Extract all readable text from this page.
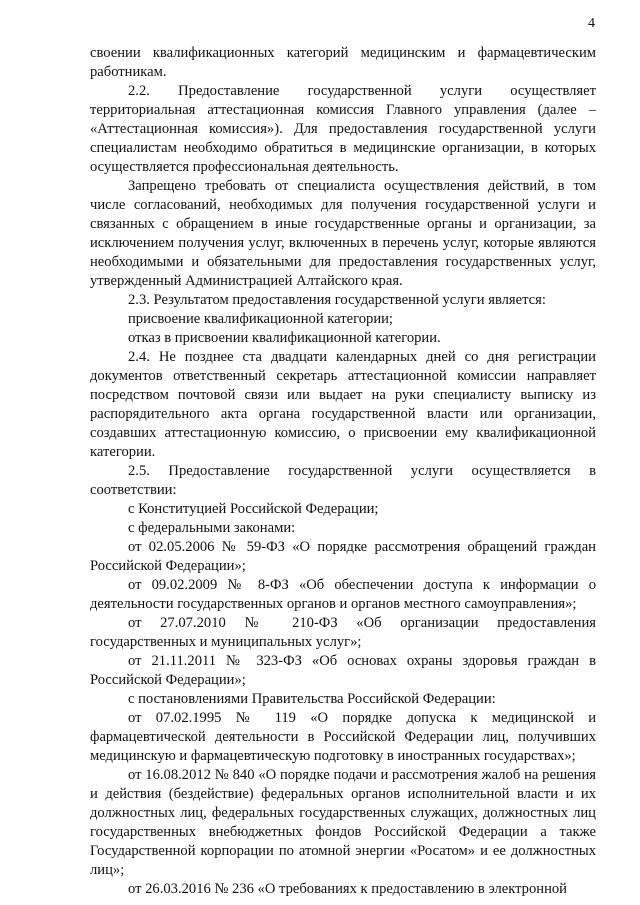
4

своении квалификационных категорий медицинским и фармацевтическим работникам.

2.2. Предоставление государственной услуги осуществляет территориальная аттестационная комиссия Главного управления (далее – «Аттестационная комиссия»). Для предоставления государственной услуги специалистам необходимо обратиться в медицинские организации, в которых осуществляется профессиональная деятельность.

Запрещено требовать от специалиста осуществления действий, в том числе согласований, необходимых для получения государственной услуги и связанных с обращением в иные государственные органы и организации, за исключением получения услуг, включенных в перечень услуг, которые являются необходимыми и обязательными для предоставления государственных услуг, утвержденный Администрацией Алтайского края.

2.3. Результатом предоставления государственной услуги является:

присвоение квалификационной категории;

отказ в присвоении квалификационной категории.

2.4. Не позднее ста двадцати календарных дней со дня регистрации документов ответственный секретарь аттестационной комиссии направляет посредством почтовой связи или выдает на руки специалисту выписку из распорядительного акта органа государственной власти или организации, создавших аттестационную комиссию, о присвоении ему квалификационной категории.

2.5. Предоставление государственной услуги осуществляется в соответствии:

с Конституцией Российской Федерации;

с федеральными законами:

от 02.05.2006 № 59-ФЗ «О порядке рассмотрения обращений граждан Российской Федерации»;

от 09.02.2009 № 8-ФЗ «Об обеспечении доступа к информации о деятельности государственных органов и органов местного самоуправления»;

от 27.07.2010 № 210-ФЗ «Об организации предоставления государственных и муниципальных услуг»;

от 21.11.2011 № 323-ФЗ «Об основах охраны здоровья граждан в Российской Федерации»;

с постановлениями Правительства Российской Федерации:

от 07.02.1995 № 119 «О порядке допуска к медицинской и фармацевтической деятельности в Российской Федерации лиц, получивших медицинскую и фармацевтическую подготовку в иностранных государствах»;

от 16.08.2012 № 840 «О порядке подачи и рассмотрения жалоб на решения и действия (бездействие) федеральных органов исполнительной власти и их должностных лиц, федеральных государственных служащих, должностных лиц государственных внебюджетных фондов Российской Федерации а также Государственной корпорации по атомной энергии «Росатом» и ее должностных лиц»;

от 26.03.2016 № 236 «О требованиях к предоставлению в электронной
